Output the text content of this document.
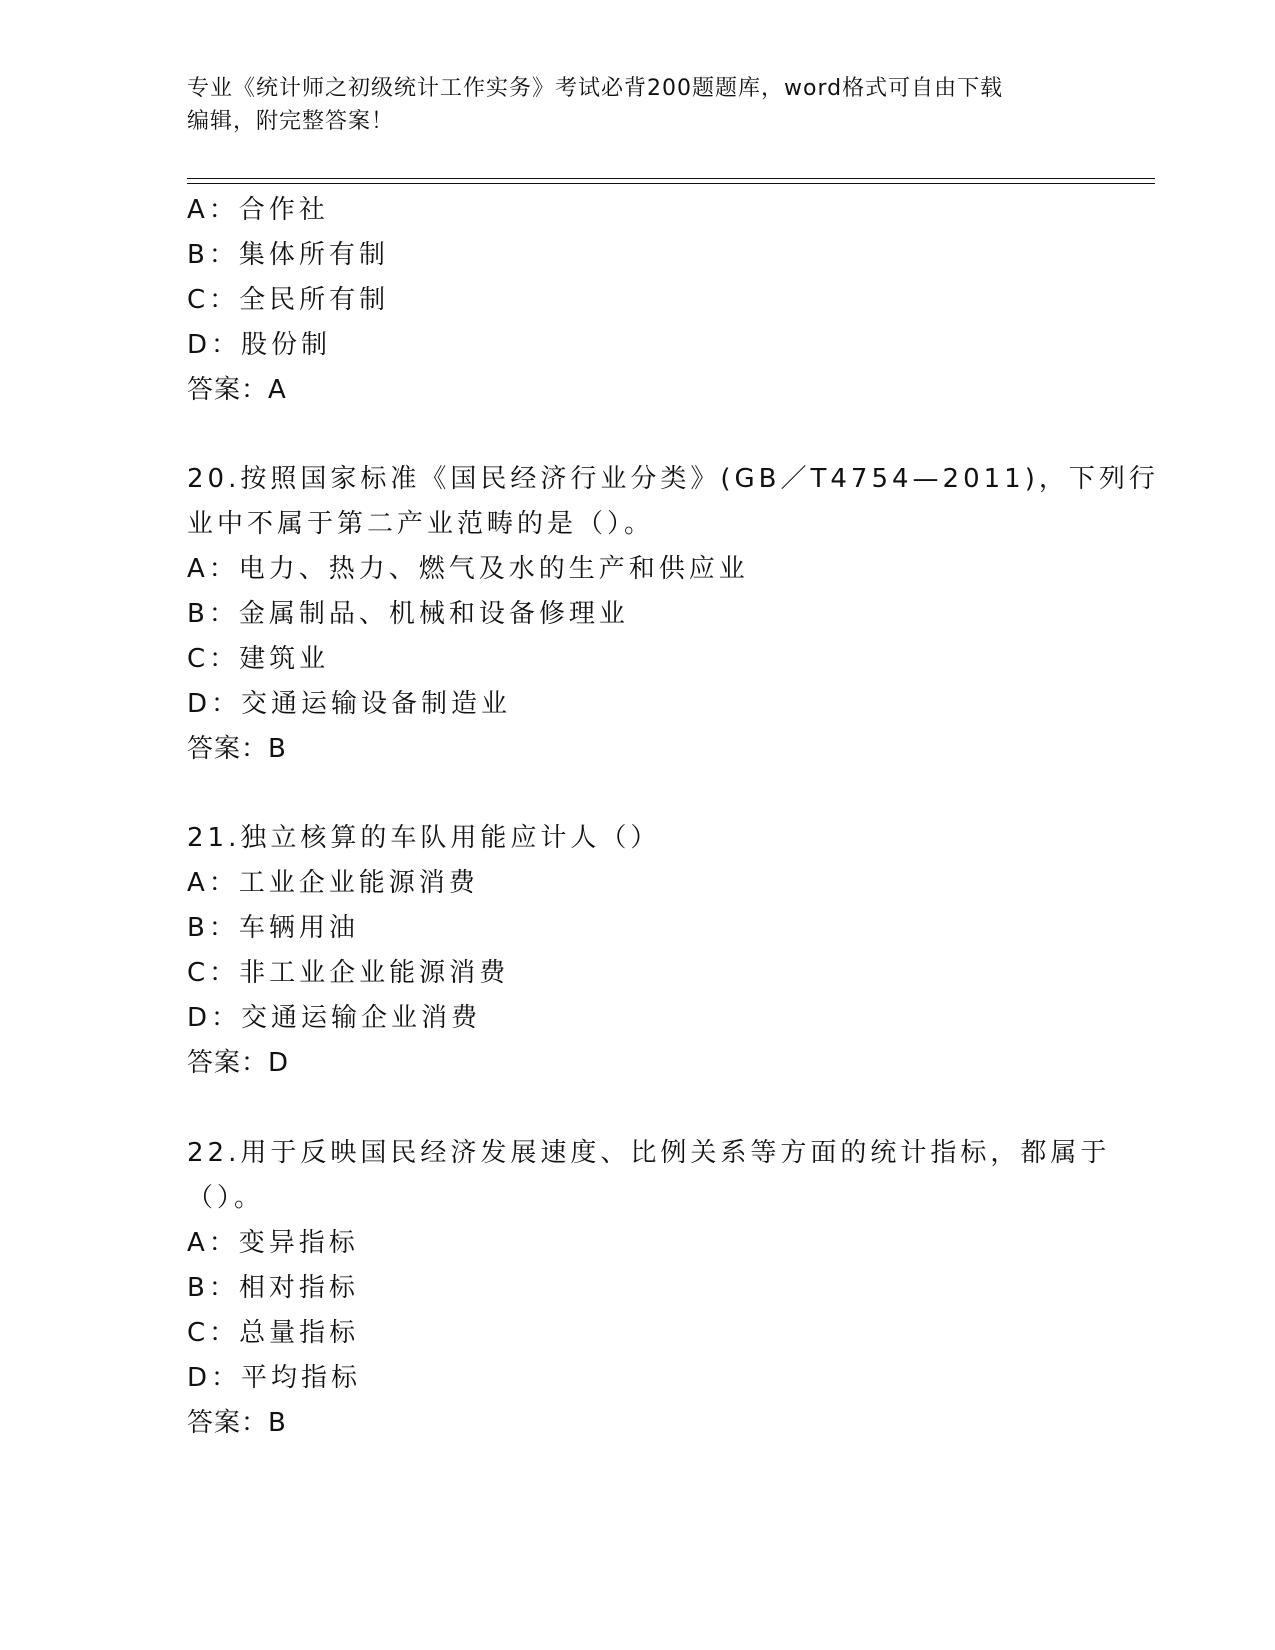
专业《统计师之初级统计工作实务》考试必背200题题库，word格式可自由下载
编辑，附完整答案！
A：合作社
B：集体所有制
C：全民所有制
D：股份制
答案：A
20.按照国家标准《国民经济行业分类》(GB／T4754—2011)，下列行
业中不属于第二产业范畴的是（）。
A：电力、热力、燃气及水的生产和供应业
B：金属制品、机械和设备修理业
C：建筑业
D：交通运输设备制造业
答案：B
21.独立核算的车队用能应计人（）
A：工业企业能源消费
B：车辆用油
C：非工业企业能源消费
D：交通运输企业消费
答案：D
22.用于反映国民经济发展速度、比例关系等方面的统计指标，都属于
（）。
A：变异指标
B：相对指标
C：总量指标
D：平均指标
答案：B
